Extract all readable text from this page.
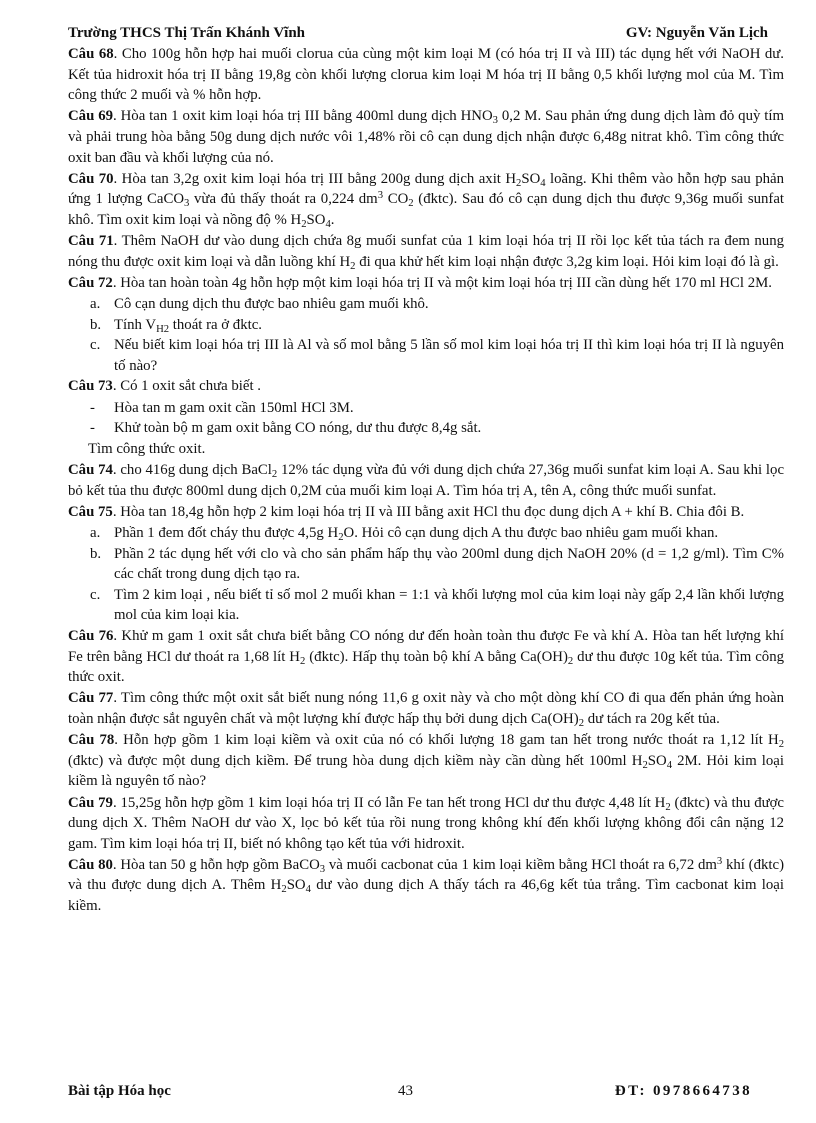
Trường THCS Thị Trấn Khánh Vĩnh	GV: Nguyễn Văn Lịch

Câu 68. Cho 100g hỗn hợp hai muối clorua của cùng một kim loại M (có hóa trị II và III) tác dụng hết với NaOH dư. Kết tủa hidroxit hóa trị II bằng 19,8g còn khối lượng clorua kim loại M hóa trị II bằng 0,5 khối lượng mol của M. Tìm công thức 2 muối và % hỗn hợp.

Câu 69. Hòa tan 1 oxit kim loại hóa trị III bằng 400ml dung dịch $HNO_3$ 0,2 M. Sau phản ứng dung dịch làm đỏ quỳ tím và phải trung hòa bằng 50g dung dịch nước vôi 1,48% rồi cô cạn dung dịch nhận được 6,48g nitrat khô. Tìm công thức oxit ban đầu và khối lượng của nó.

Câu 70. Hòa tan 3,2g oxit kim loại hóa trị III bằng 200g dung dịch axit $H_2SO_4$ loãng. Khi thêm vào hỗn hợp sau phản ứng 1 lượng CaCO$_3$ vừa đủ thấy thoát ra 0,224 $dm^3$ $CO_2$ (đktc). Sau đó cô cạn dung dịch thu được 9,36g muối sunfat khô. Tìm oxit kim loại và nồng độ % $H_2SO_4$.

Câu 71. Thêm NaOH dư vào dung dịch chứa 8g muối sunfat của 1 kim loại hóa trị II rồi lọc kết tủa tách ra đem nung nóng thu được oxit kim loại và dẫn luồng khí $H_2$ đi qua khử hết kim loại nhận được 3,2g kim loại. Hỏi kim loại đó là gì.

Câu 72. Hòa tan hoàn toàn 4g hỗn hợp một kim loại hóa trị II và một kim loại hóa trị III cần dùng hết 170 ml HCl 2M.

a. Cô cạn dung dịch thu được bao nhiêu gam muối khô.
b. Tính $V_{H2}$ thoát ra ở đktc.
c. Nếu biết kim loại hóa trị III là Al và số mol bằng 5 lần số mol kim loại hóa trị II thì kim loại hóa trị II là nguyên tố nào?

Câu 73. Có 1 oxit sắt chưa biết .

-	Hòa tan m gam oxit cần 150ml HCl 3M.
-	Khử toàn bộ m gam oxit bằng CO nóng, dư thu được 8,4g sắt.

Tìm công thức oxit.

Câu 74. cho 416g dung dịch BaCl$_2$ 12% tác dụng vừa đủ với dung dịch chứa 27,36g muối sunfat kim loại A. Sau khi lọc bỏ kết tủa thu được 800ml dung dịch 0,2M của muối kim loại A. Tìm hóa trị A, tên A, công thức muối sunfat.

Câu 75. Hòa tan 18,4g hỗn hợp 2 kim loại hóa trị II và III bằng axit HCl thu đọc dung dịch A + khí B. Chia đôi B.

a. Phần 1 đem đốt cháy thu được 4,5g $H_2O$. Hỏi cô cạn dung dịch A thu được bao nhiêu gam muối khan.
b. Phần 2 tác dụng hết với clo và cho sản phẩm hấp thụ vào 200ml dung dịch NaOH 20% (d = 1,2 g/ml). Tìm C% các chất trong dung dịch tạo ra.
c. Tìm 2 kim loại , nếu biết tỉ số mol 2 muối khan = 1:1 và khối lượng mol của kim loại này gấp 2,4 lần khối lượng mol của kim loại kia.

Câu 76. Khử m gam 1 oxit sắt chưa biết bằng CO nóng dư đến hoàn toàn thu được Fe và khí A. Hòa tan hết lượng khí Fe trên bằng HCl dư thoát ra 1,68 lít $H_2$ (đktc). Hấp thụ toàn bộ khí A bằng $Ca(OH)_2$ dư thu được 10g kết tủa. Tìm công thức oxit.

Câu 77. Tìm công thức một oxit sắt biết nung nóng 11,6 g oxit này và cho một dòng khí CO đi qua đến phản ứng hoàn toàn nhận được sắt nguyên chất và một lượng khí được hấp thụ bởi dung dịch $Ca(OH)_2$ dư tách ra 20g kết tủa.

Câu 78. Hỗn hợp gồm 1 kim loại kiềm và oxit của nó có khối lượng 18 gam tan hết trong nước thoát ra 1,12 lít $H_2$ (đktc) và được một dung dịch kiềm. Để trung hòa dung dịch kiềm này cần dùng hết 100ml $H_2SO_4$ 2M. Hỏi kim loại kiềm là nguyên tố nào?

Câu 79. 15,25g hỗn hợp gồm 1 kim loại hóa trị II có lẫn Fe tan hết trong HCl dư thu được 4,48 lít $H_2$ (đktc) và thu được dung dịch X. Thêm NaOH dư vào X, lọc bỏ kết tủa rồi nung trong không khí đến khối lượng không đổi cân nặng 12 gam. Tìm kim loại hóa trị II, biết nó không tạo kết tủa với hidroxit.

Câu 80. Hòa tan 50 g hỗn hợp gồm BaCO$_3$ và muối cacbonat của 1 kim loại kiềm bằng HCl thoát ra 6,72 $dm^3$ khí (đktc) và thu được dung dịch A. Thêm $H_2SO_4$ dư vào dung dịch A thấy tách ra 46,6g kết tủa trắng. Tìm cacbonat kim loại kiềm.

Bài tập Hóa học	43	ĐT: 0978664738
